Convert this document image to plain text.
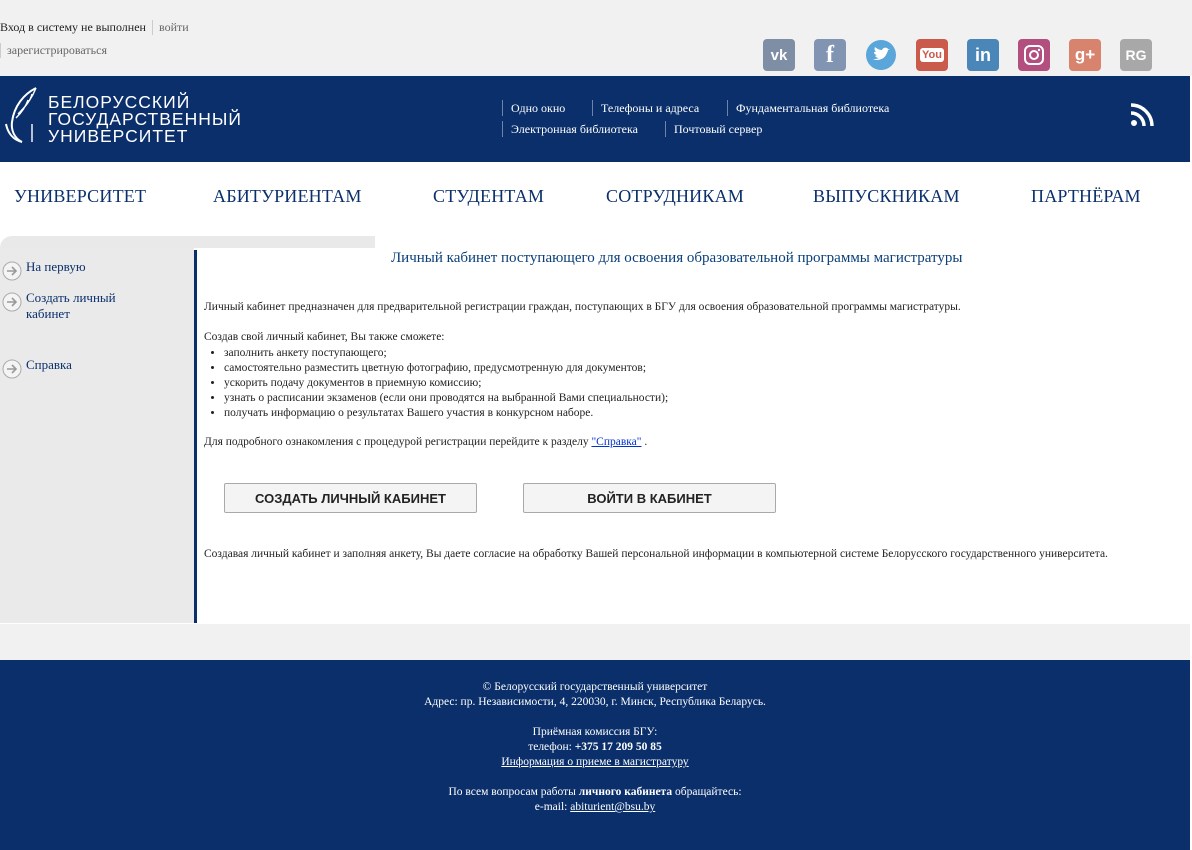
Вход в систему не выполнен	войти
зарегистрироваться	vk f	You in	g+ RG
БЕЛОРУССКИЙ
ГОСУДАРСТВЕННЫЙ
УНИВЕРСИТЕТ
Одно окно	Телефоны и адреса	Фундаментальная библиотека
Электронная библиотека	Почтовый сервер
УНИВЕРСИТЕТ	АБИТУРИЕНТАМ	СТУДЕНТАМ	СОТРУДНИКАМ	ВЫПУСКНИКАМ	ПАРТНЁРАМ
На первую
Создать личный кабинет
Справка
Личный кабинет поступающего для освоения образовательной программы магистратуры

Личный кабинет предназначен для предварительной регистрации граждан, поступающих в БГУ для освоения образовательной программы магистратуры.

Создав свой личный кабинет, Вы также сможете:

• заполнить анкету поступающего;
• самостоятельно разместить цветную фотографию, предусмотренную для документов;
• ускорить подачу документов в приемную комиссию;
• узнать о расписании экзаменов (если они проводятся на выбранной Вами специальности);
• получать информацию о результатах Вашего участия в конкурсном наборе.

Для подробного ознакомления с процедурой регистрации перейдите к разделу "Справка" .

СОЗДАТЬ ЛИЧНЫЙ КАБИНЕТ	ВОЙТИ В КАБИНЕТ

Создавая личный кабинет и заполняя анкету, Вы даете согласие на обработку Вашей персональной информации в компьютерной системе Белорусского государственного университета.

© Белорусский государственный университет
Адрес: пр. Независимости, 4, 220030, г. Минск, Республика Беларусь.
Приёмная комиссия БГУ:
телефон: +375 17 209 50 85
Информация о приеме в магистратуру
По всем вопросам работы личного кабинета обращайтесь:
e-mail: abiturient@bsu.by
